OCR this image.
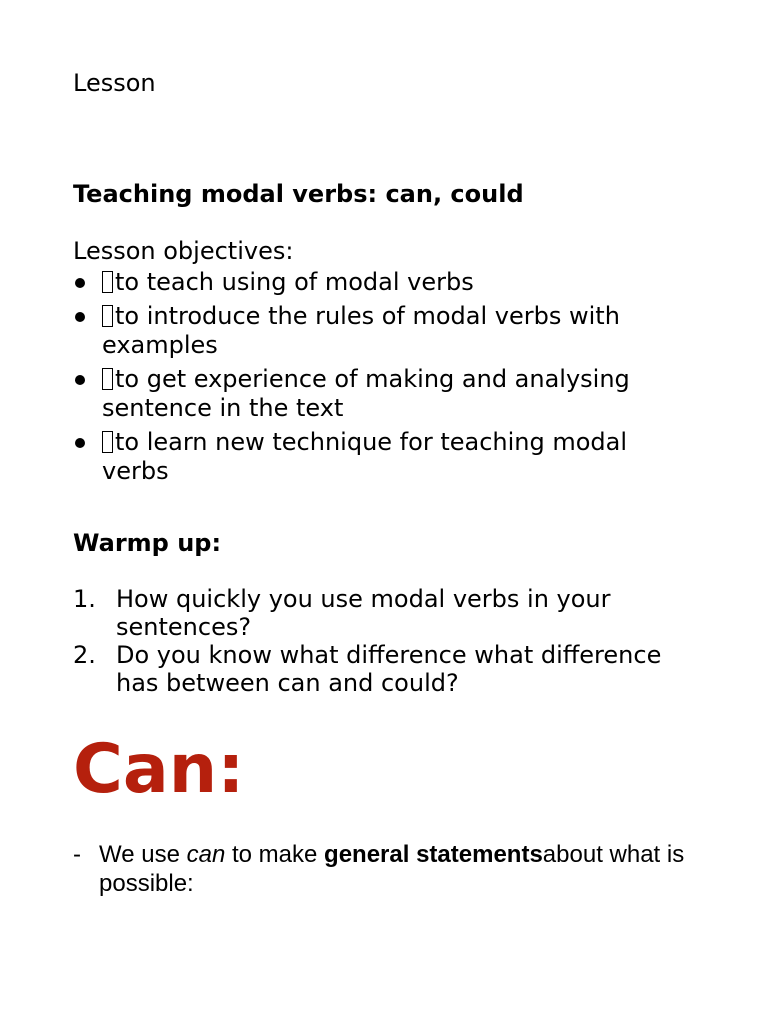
Lesson
Teaching modal verbs: can, could
Lesson objectives:
to teach using of modal verbs
to introduce the rules of modal verbs with examples
to get experience of making and analysing sentence in the text
to learn new technique for teaching modal verbs
Warmp up:
1. How quickly you use modal verbs in your sentences?
2. Do you know what difference what difference has between can and could?
Can:
- We use can to make general statementsabout what is possible:
